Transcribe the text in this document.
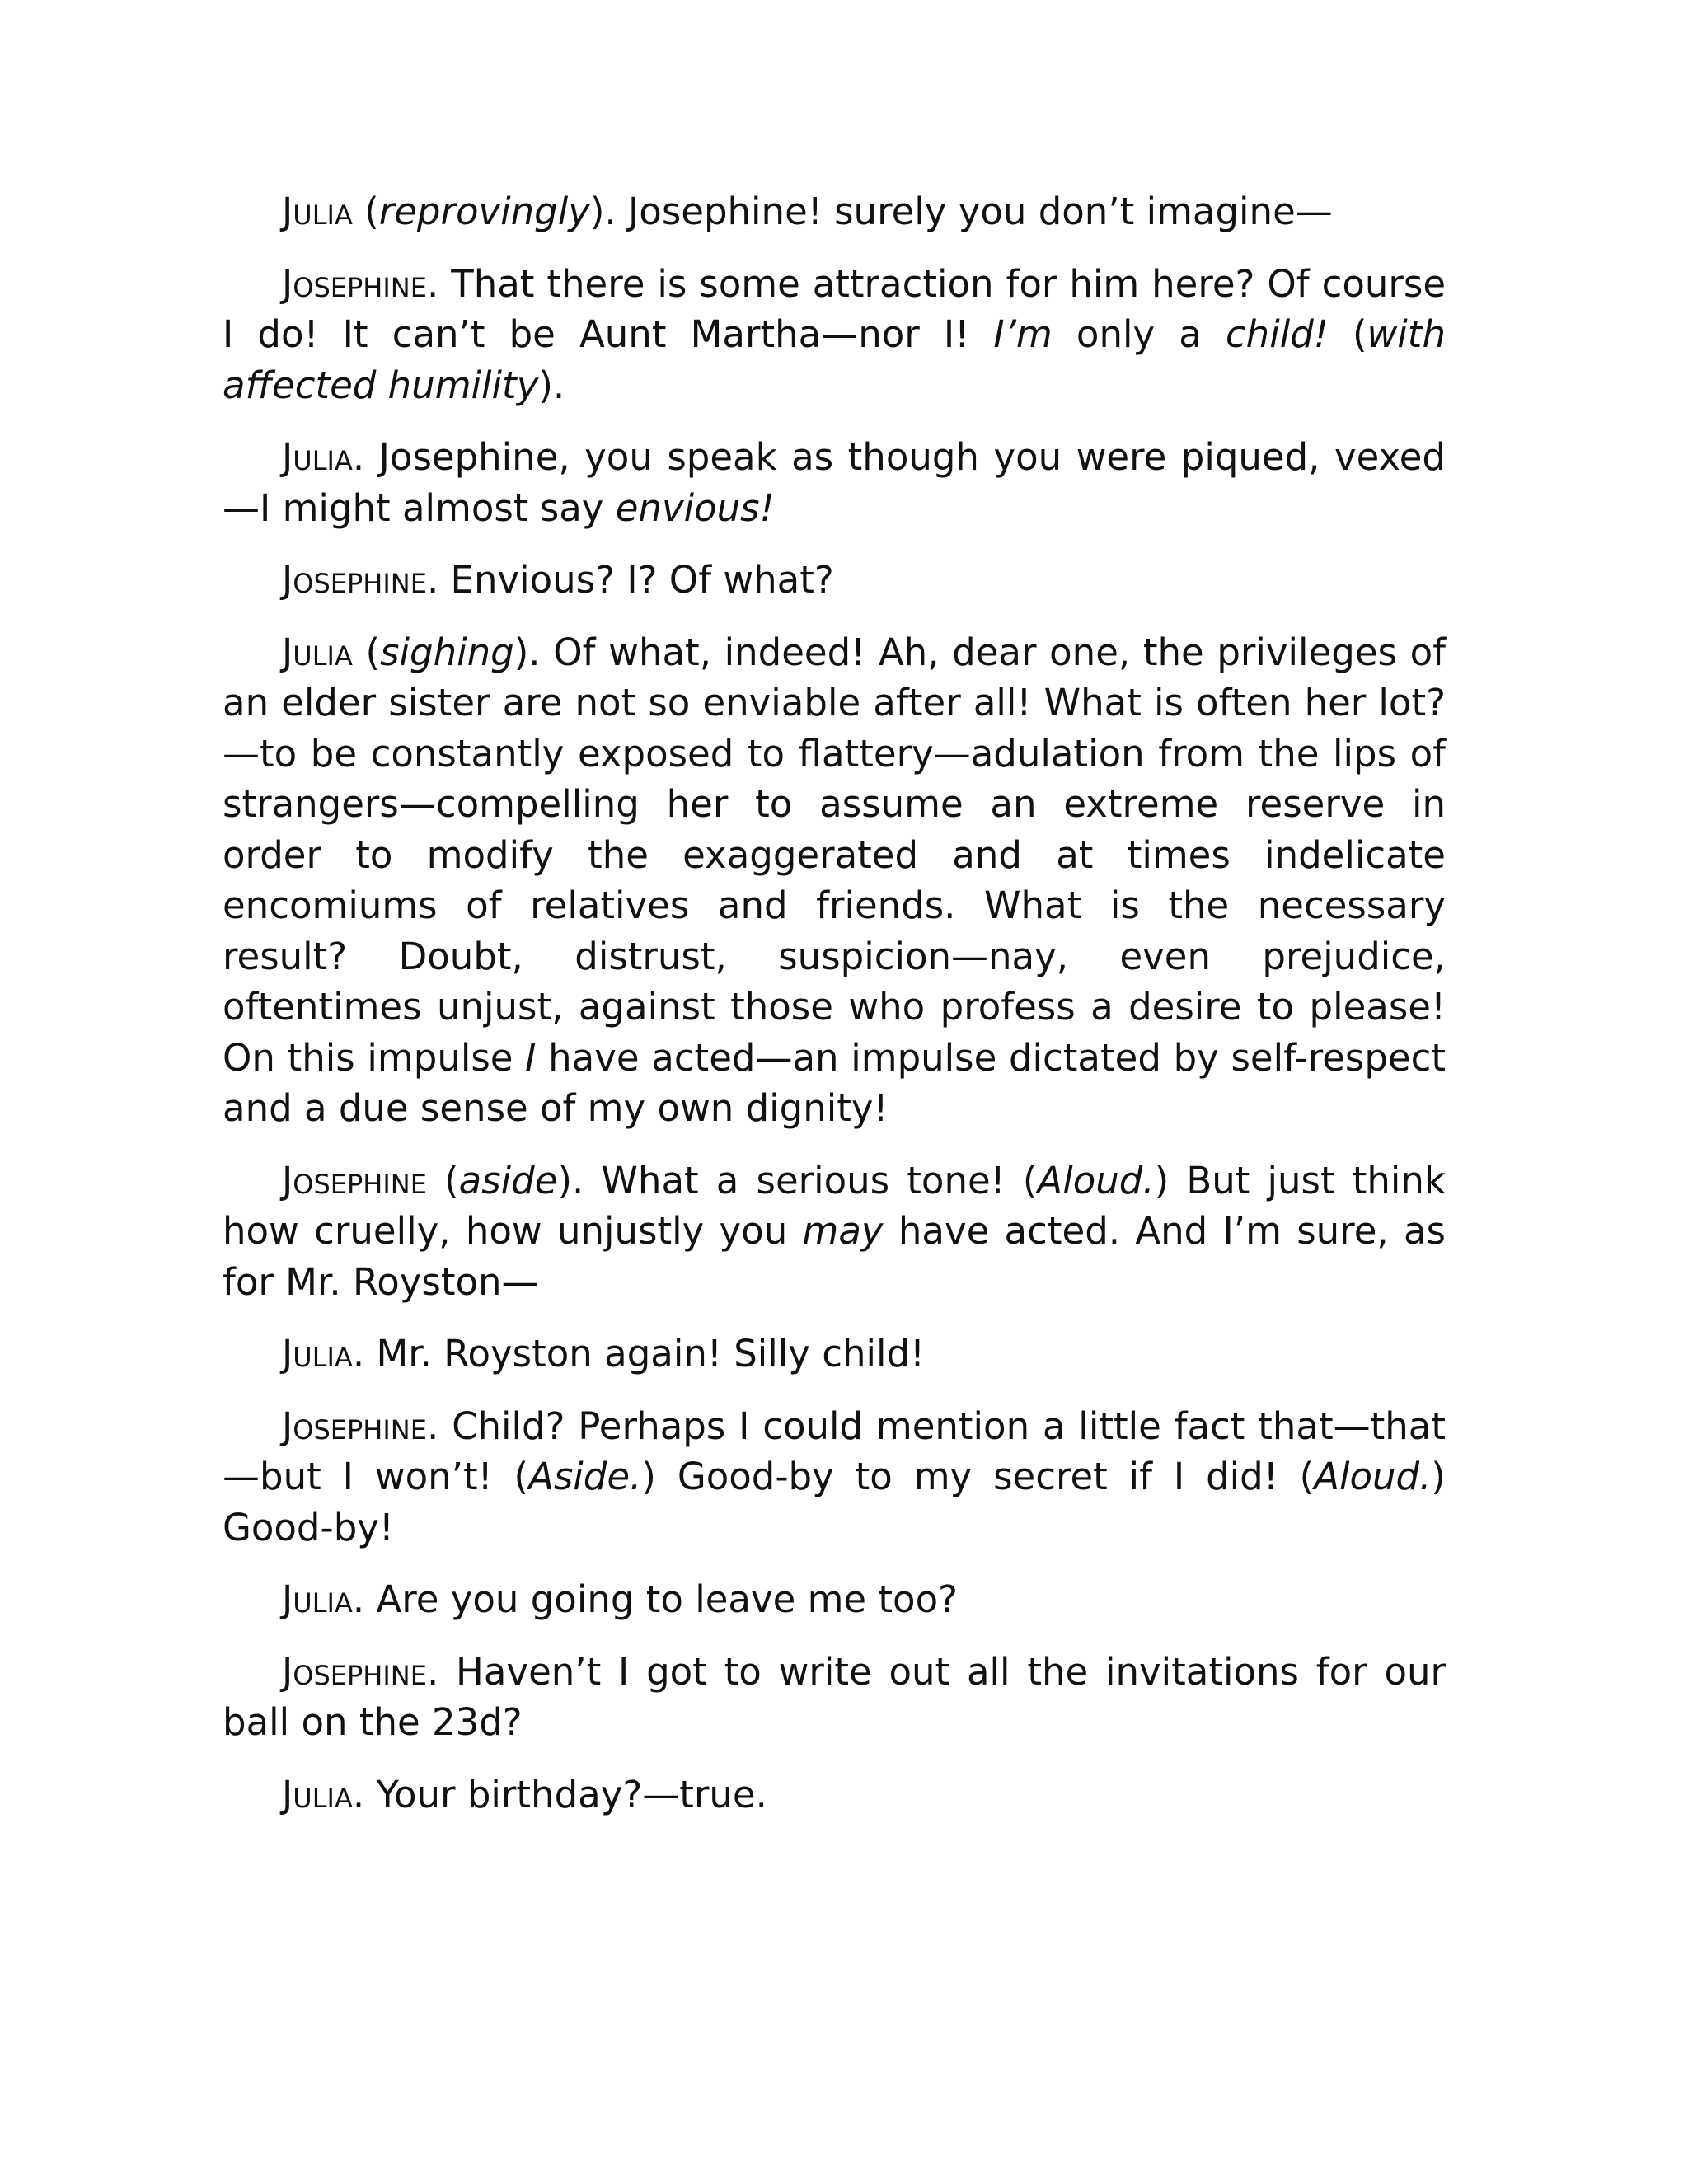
Julia (reprovingly). Josephine! surely you don’t imagine—

Josephine. That there is some attraction for him here? Of course I do! It can’t be Aunt Martha—nor I! I’m only a child! (with affected humility).

Julia. Josephine, you speak as though you were piqued, vexed —I might almost say envious!

Josephine. Envious? I? Of what?

Julia (sighing). Of what, indeed! Ah, dear one, the privileges of an elder sister are not so enviable after all! What is often her lot?—to be constantly exposed to flattery—adulation from the lips of strangers—compelling her to assume an extreme reserve in order to modify the exaggerated and at times indelicate encomiums of relatives and friends. What is the necessary result? Doubt, distrust, suspicion—nay, even prejudice, oftentimes unjust, against those who profess a desire to please! On this impulse I have acted—an impulse dictated by self-respect and a due sense of my own dignity!

Josephine (aside). What a serious tone! (Aloud.) But just think how cruelly, how unjustly you may have acted. And I’m sure, as for Mr. Royston—

Julia. Mr. Royston again! Silly child!

Josephine. Child? Perhaps I could mention a little fact that—that —but I won’t! (Aside.) Good-by to my secret if I did! (Aloud.) Good-by!

Julia. Are you going to leave me too?

Josephine. Haven’t I got to write out all the invitations for our ball on the 23d?

Julia. Your birthday?—true.
